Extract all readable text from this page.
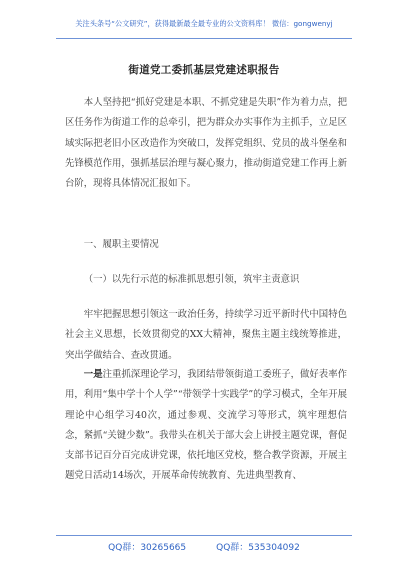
关注头条号“公文研究”，获得最新最全最专业的公文资料库！ 微信：gongwenyj
街道党工委抓基层党建述职报告

本人坚持把“抓好党建是本职、不抓党建是失职”作为着力点，把区任务作为街道工作的总牵引，把为群众办实事作为主抓手，立足区域实际把老旧小区改造作为突破口，发挥党组织、党员的战斗堡垒和先锋模范作用，强抓基层治理与凝心聚力，推动街道党建工作再上新台阶，现将具体情况汇报如下。

一、履职主要情况

（一）以先行示范的标准抓思想引领，筑牢主责意识

牢牢把握思想引领这一政治任务，持续学习近平新时代中国特色社会主义思想，长效贯彻党的XX大精神，聚焦主题主线统筹推进，突出学做结合、查改贯通。

一是注重抓深理论学习，我团结带领街道工委班子，做好表率作用，利用“集中学十个人学”“带领学十实践学”的学习模式，全年开展理论中心组学习40次，通过参观、交流学习等形式，筑牢理想信念，紧抓“关键少数”。我带头在机关于部大会上讲授主题党课，督促支部书记百分百完成讲党课，依托地区党校，整合教学资源，开展主题党日活动14场次，开展革命传统教育、先进典型教育、

QQ群：30265665	QQ群：535304092
